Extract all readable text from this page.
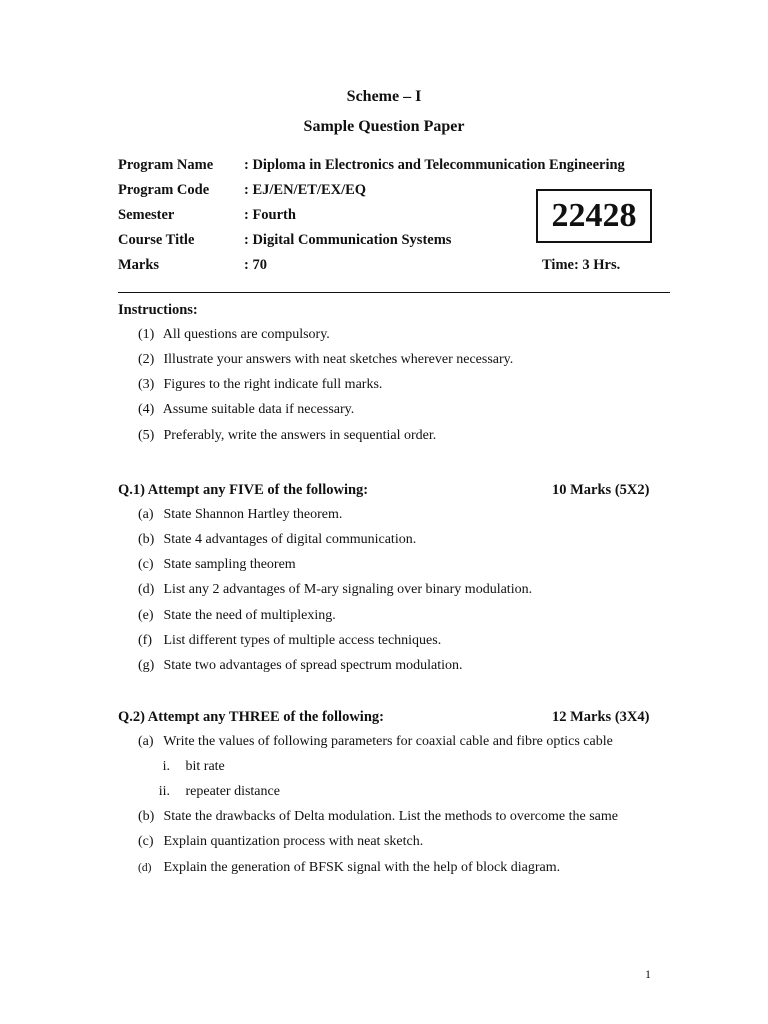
Scheme – I
Sample Question Paper
Program Name : Diploma in Electronics and Telecommunication Engineering
Program Code : EJ/EN/ET/EX/EQ
Semester	: Fourth
Course Title	: Digital Communication Systems
Marks	: 70
22428
Time: 3 Hrs.
Instructions:
(1) All questions are compulsory.
(2) Illustrate your answers with neat sketches wherever necessary.
(3) Figures to the right indicate full marks.
(4) Assume suitable data if necessary.
(5) Preferably, write the answers in sequential order.
Q.1) Attempt any FIVE of the following:	10 Marks (5X2)
(a) State Shannon Hartley theorem.
(b) State 4 advantages of digital communication.
(c) State sampling theorem
(d) List any 2 advantages of M-ary signaling over binary modulation.
(e) State the need of multiplexing.
(f) List different types of multiple access techniques.
(g) State two advantages of spread spectrum modulation.
Q.2) Attempt any THREE of the following:	12 Marks (3X4)
(a) Write the values of following parameters for coaxial cable and fibre optics cable
i. bit rate
ii. repeater distance
(b) State the drawbacks of Delta modulation. List the methods to overcome the same
(c) Explain quantization process with neat sketch.
(d) Explain the generation of BFSK signal with the help of block diagram.
1
